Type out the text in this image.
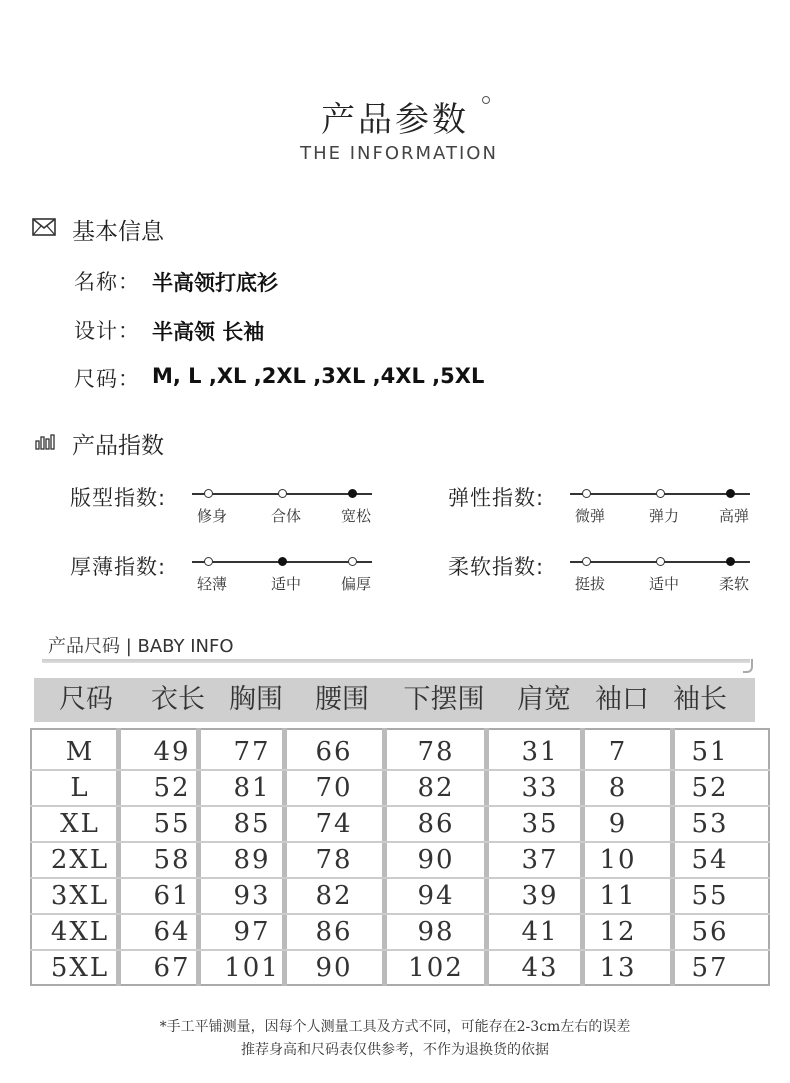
产品参数
THE INFORMATION
基本信息
名称： 半高领打底衫
设计： 半高领 长袖
尺码： M, L ,XL ,2XL ,3XL ,4XL ,5XL
产品指数
版型指数:
修身	合体	宽松
弹性指数:
微弹	弹力	高弹
厚薄指数:
轻薄	适中	偏厚
柔软指数:
挺拔	适中	柔软
产品尺码 | BABY INFO
尺码 衣长 胸围 腰围 下摆围 肩宽 袖口 袖长
M 49 77 66 78	31 7 51
L 52 81 70 82	33 8 52
XL 55 85 74 86	35 9 53
2XL 58 89 78 90	37 10 54
3XL 61 93 82 94	39 11 55
4XL 64 97 86 98	41 12 56
5XL 67 101 90 102 43 13 57
*手工平铺测量，因每个人测量工具及方式不同，可能存在2-3cm左右的误差
推荐身高和尺码表仅供参考，不作为退换货的依据
